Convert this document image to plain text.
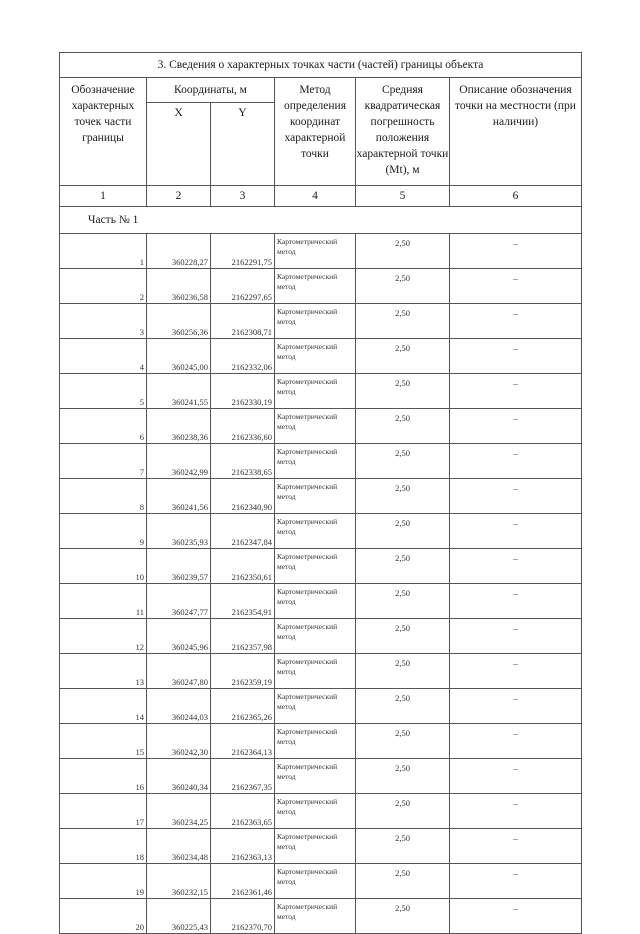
3. Сведения о характерных точках части (частей) границы объекта					
Обозначение характерных точек части границы	Координаты, м		Метод определения координат характерной точки	Средняя квадратическая погрешность положения характерной точки (Mt), м	Описание обозначения точки на местности (при наличии)
	X	Y			
1	2	3	4	5	6
Часть № 1					
1	360228,27	2162291,75	Картометрический метод	2,50	–
2	360236,58	2162297,65	Картометрический метод	2,50	–
3	360256,36	2162308,71	Картометрический метод	2,50	–
4	360245,00	2162332,06	Картометрический метод	2,50	–
5	360241,55	2162330,19	Картометрический метод	2,50	–
6	360238,36	2162336,60	Картометрический метод	2,50	–
7	360242,99	2162338,65	Картометрический метод	2,50	–
8	360241,56	2162340,90	Картометрический метод	2,50	–
9	360235,93	2162347,84	Картометрический метод	2,50	–
10	360239,57	2162350,61	Картометрический метод	2,50	–
11	360247,77	2162354,91	Картометрический метод	2,50	–
12	360245,96	2162357,98	Картометрический метод	2,50	–
13	360247,80	2162359,19	Картометрический метод	2,50	–
14	360244,03	2162365,26	Картометрический метод	2,50	–
15	360242,30	2162364,13	Картометрический метод	2,50	–
16	360240,34	2162367,35	Картометрический метод	2,50	–
17	360234,25	2162363,65	Картометрический метод	2,50	–
18	360234,48	2162363,13	Картометрический метод	2,50	–
19	360232,15	2162361,46	Картометрический метод	2,50	–
20	360225,43	2162370,70	Картометрический метод	2,50	–
